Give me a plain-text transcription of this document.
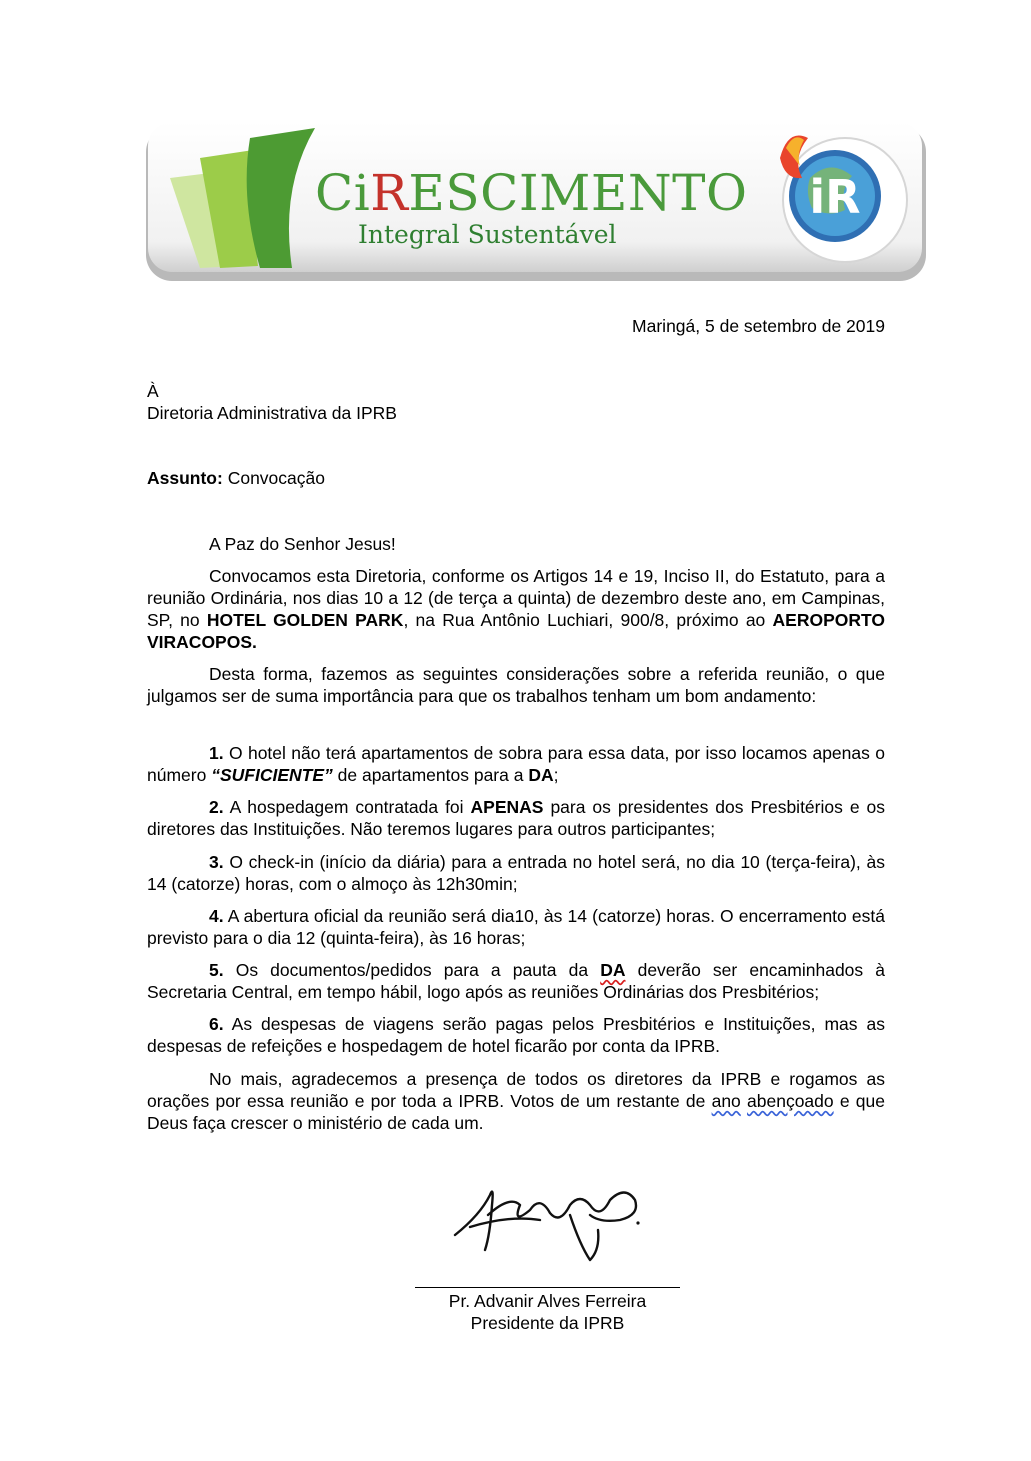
iR
CiRESCIMENTO
Integral Sustentável
Maringá, 5 de setembro de 2019
À
Diretoria Administrativa da IPRB
Assunto: Convocação
A Paz do Senhor Jesus!
Convocamos esta Diretoria, conforme os Artigos 14 e 19, Inciso II, do Estatuto, para a reunião Ordinária, nos dias 10 a 12 (de terça a quinta) de dezembro deste ano, em Campinas, SP, no HOTEL GOLDEN PARK, na Rua Antônio Luchiari, 900/8, próximo ao AEROPORTO VIRACOPOS.
Desta forma, fazemos as seguintes considerações sobre a referida reunião, o que julgamos ser de suma importância para que os trabalhos tenham um bom andamento:
1. O hotel não terá apartamentos de sobra para essa data, por isso locamos apenas o número “SUFICIENTE” de apartamentos para a DA;
2. A hospedagem contratada foi APENAS para os presidentes dos Presbitérios e os diretores das Instituições. Não teremos lugares para outros participantes;
3. O check-in (início da diária) para a entrada no hotel será, no dia 10 (terça-feira), às 14 (catorze) horas, com o almoço às 12h30min;
4. A abertura oficial da reunião será dia10, às 14 (catorze) horas. O encerramento está previsto para o dia 12 (quinta-feira), às 16 horas;
5. Os documentos/pedidos para a pauta da DA deverão ser encaminhados à Secretaria Central, em tempo hábil, logo após as reuniões Ordinárias dos Presbitérios;
6. As despesas de viagens serão pagas pelos Presbitérios e Instituições, mas as despesas de refeições e hospedagem de hotel ficarão por conta da IPRB.
No mais, agradecemos a presença de todos os diretores da IPRB e rogamos as orações por essa reunião e por toda a IPRB. Votos de um restante de ano abençoado e que Deus faça crescer o ministério de cada um.
Pr. Advanir Alves Ferreira
Presidente da IPRB
